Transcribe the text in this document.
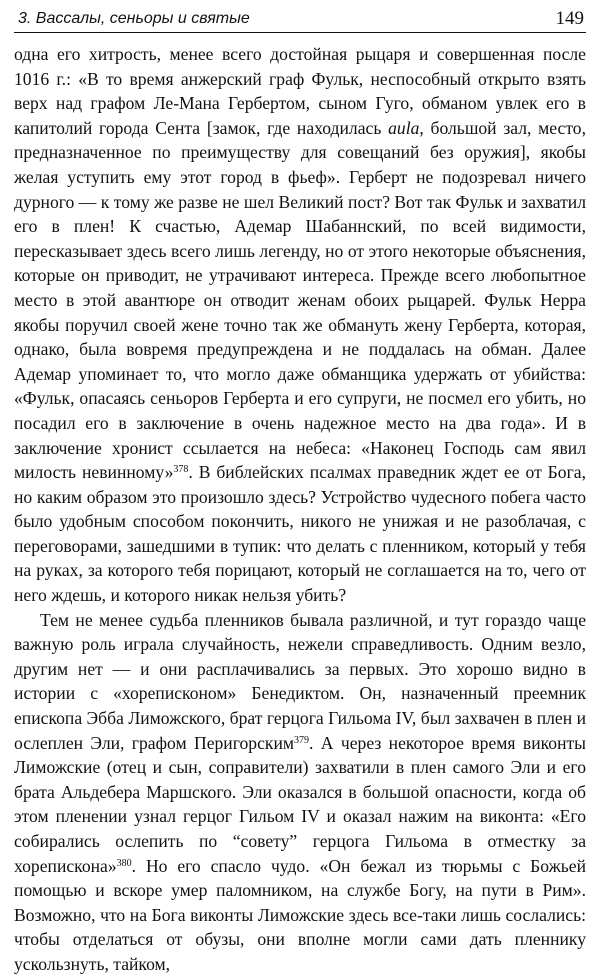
3. Вассалы, сеньоры и святые	149

одна его хитрость, менее всего достойная рыцаря и совершенная после 1016 г.: «В то время анжерский граф Фульк, неспособный открыто взять верх над графом Ле-Мана Гербертом, сыном Гуго, обманом увлек его в капитолий города Сента [замок, где находилась aula, большой зал, место, предназначенное по преимуществу для совещаний без оружия], якобы желая уступить ему этот город в фьеф». Герберт не подозревал ничего дурного — к тому же разве не шел Великий пост? Вот так Фульк и захватил его в плен! К счастью, Адемар Шабаннский, по всей видимости, пересказывает здесь всего лишь легенду, но от этого некоторые объяснения, которые он приводит, не утрачивают интереса. Прежде всего любопытное место в этой авантюре он отводит женам обоих рыцарей. Фульк Нерра якобы поручил своей жене точно так же обмануть жену Герберта, которая, однако, была вовремя предупреждена и не поддалась на обман. Далее Адемар упоминает то, что могло даже обманщика удержать от убийства: «Фульк, опасаясь сеньоров Герберта и его супруги, не посмел его убить, но посадил его в заключение в очень надежное место на два года». И в заключение хронист ссылается на небеса: «Наконец Господь сам явил милость невинному»$^{378}$. В библейских псалмах праведник ждет ее от Бога, но каким образом это произошло здесь? Устройство чудесного побега часто было удобным способом покончить, никого не унижая и не разоблачая, с переговорами, зашедшими в тупик: что делать с пленником, который у тебя на руках, за которого тебя порицают, который не соглашается на то, чего от него ждешь, и которого никак нельзя убить?

Тем не менее судьба пленников бывала различной, и тут гораздо чаще важную роль играла случайность, нежели справедливость. Одним везло, другим нет — и они расплачивались за первых. Это хорошо видно в истории с «хореписконом» Бенедиктом. Он, назначенный преемник епископа Эбба Лиможского, брат герцога Гильома IV, был захвачен в плен и ослеплен Эли, графом Перигорским$^{379}$. А через некоторое время виконты Лиможские (отец и сын, соправители) захватили в плен самого Эли и его брата Альдебера Маршского. Эли оказался в большой опасности, когда об этом пленении узнал герцог Гильом IV и оказал нажим на виконта: «Его собирались ослепить по “совету” герцога Гильома в отместку за хореписконa»$^{380}$. Но его спасло чудо. «Он бежал из тюрьмы с Божьей помощью и вскоре умер паломником, на службе Богу, на пути в Рим». Возможно, что на Бога виконты Лиможские здесь все-таки лишь сослались: чтобы отделаться от обузы, они вполне могли сами дать пленнику ускользнуть, тайком,
